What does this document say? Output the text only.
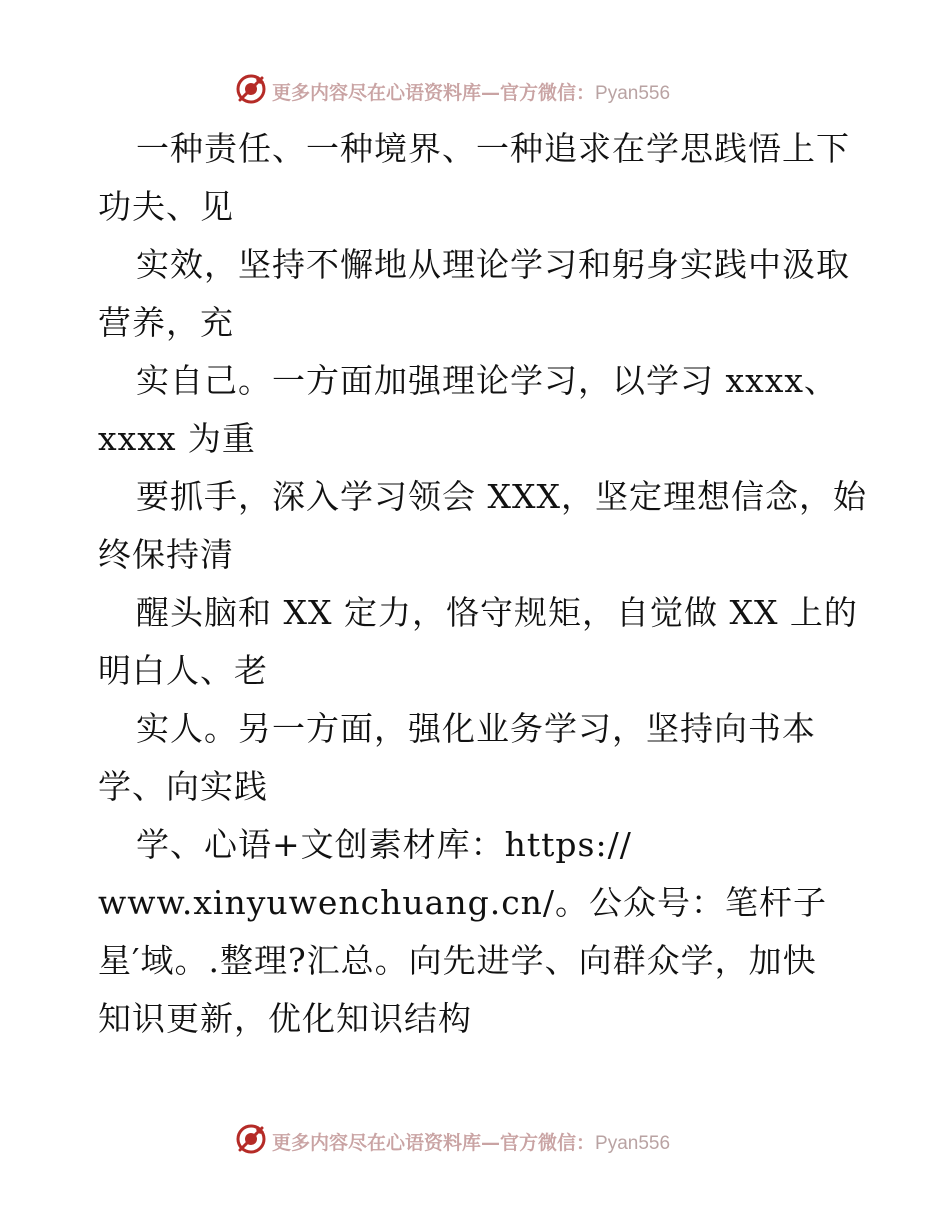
更多内容尽在心语资料库—官方微信：Pyan556
一种责任、一种境界、一种追求在学思践悟上下
功夫、见
实效，坚持不懈地从理论学习和躬身实践中汲取
营养，充
实自己。一方面加强理论学习，以学习 xxxx、
xxxx 为重
要抓手，深入学习领会 XXX，坚定理想信念，始
终保持清
醒头脑和 XX 定力，恪守规矩，自觉做 XX 上的
明白人、老
实人。另一方面，强化业务学习，坚持向书本
学、向实践
学、心语+文创素材库：https://
www.xinyuwenchuang.cn/。公众号：笔杆子
星′域。.整理?汇总。向先进学、向群众学，加快
知识更新，优化知识结构
更多内容尽在心语资料库—官方微信：Pyan556
